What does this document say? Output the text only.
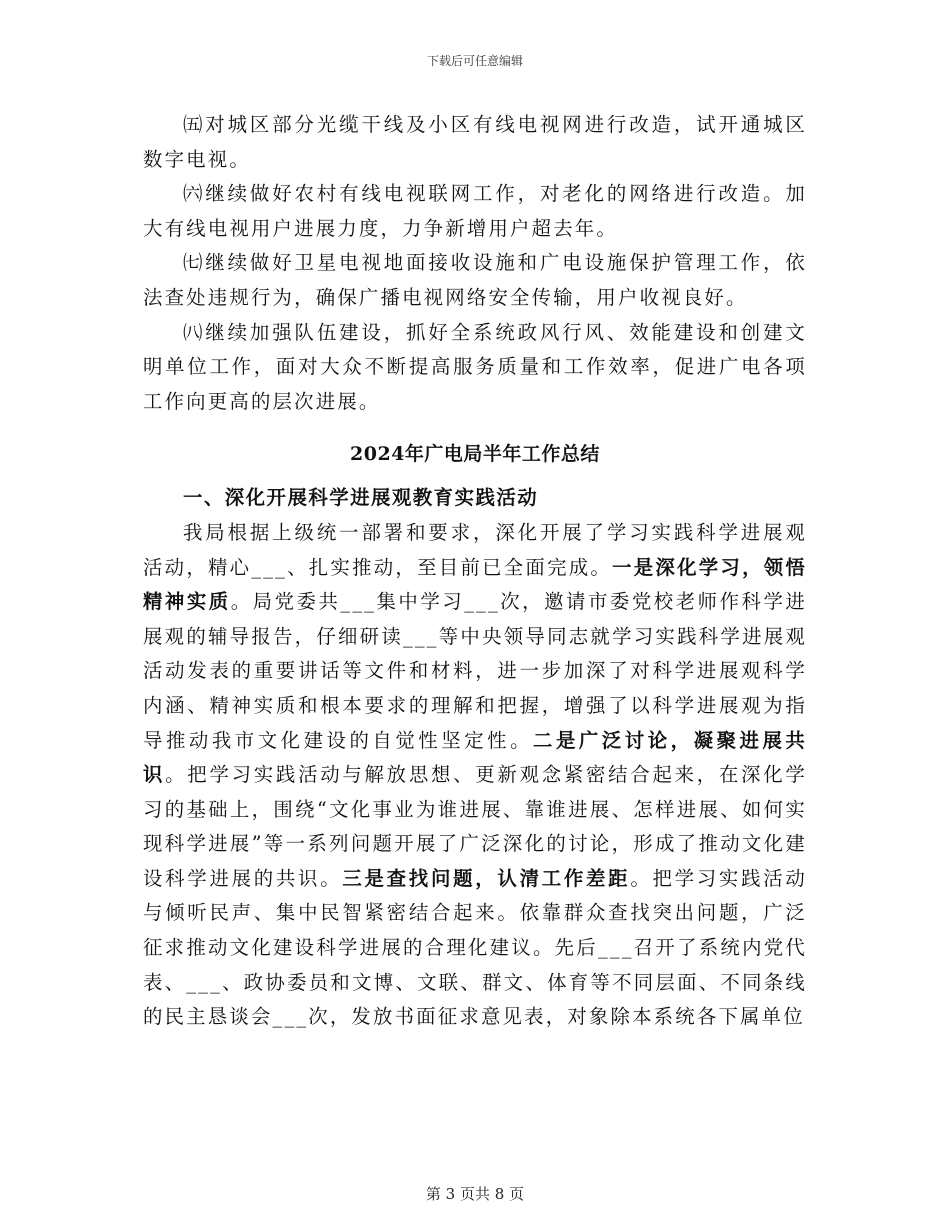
下载后可任意编辑

㈤对城区部分光缆干线及小区有线电视网进行改造，试开通城区数字电视。

㈥继续做好农村有线电视联网工作，对老化的网络进行改造。加大有线电视用户进展力度，力争新增用户超去年。

㈦继续做好卫星电视地面接收设施和广电设施保护管理工作，依法查处违规行为，确保广播电视网络安全传输，用户收视良好。

㈧继续加强队伍建设，抓好全系统政风行风、效能建设和创建文明单位工作，面对大众不断提高服务质量和工作效率，促进广电各项工作向更高的层次进展。

2024年广电局半年工作总结
一、深化开展科学进展观教育实践活动

我局根据上级统一部署和要求，深化开展了学习实践科学进展观活动，精心___、扎实推动，至目前已全面完成。一是深化学习，领悟精神实质。局党委共___集中学习___次，邀请市委党校老师作科学进展观的辅导报告，仔细研读___等中央领导同志就学习实践科学进展观活动发表的重要讲话等文件和材料，进一步加深了对科学进展观科学内涵、精神实质和根本要求的理解和把握，增强了以科学进展观为指导推动我市文化建设的自觉性坚定性。二是广泛讨论，凝聚进展共识。把学习实践活动与解放思想、更新观念紧密结合起来，在深化学习的基础上，围绕“文化事业为谁进展、靠谁进展、怎样进展、如何实现科学进展”等一系列问题开展了广泛深化的讨论，形成了推动文化建设科学进展的共识。三是查找问题，认清工作差距。把学习实践活动与倾听民声、集中民智紧密结合起来。依靠群众查找突出问题，广泛征求推动文化建设科学进展的合理化建议。先后___召开了系统内党代表、___、政协委员和文博、文联、群文、体育等不同层面、不同条线的民主恳谈会___次，发放书面征求意见表，对象除本系统各下属单位

第 3 页共 8 页
